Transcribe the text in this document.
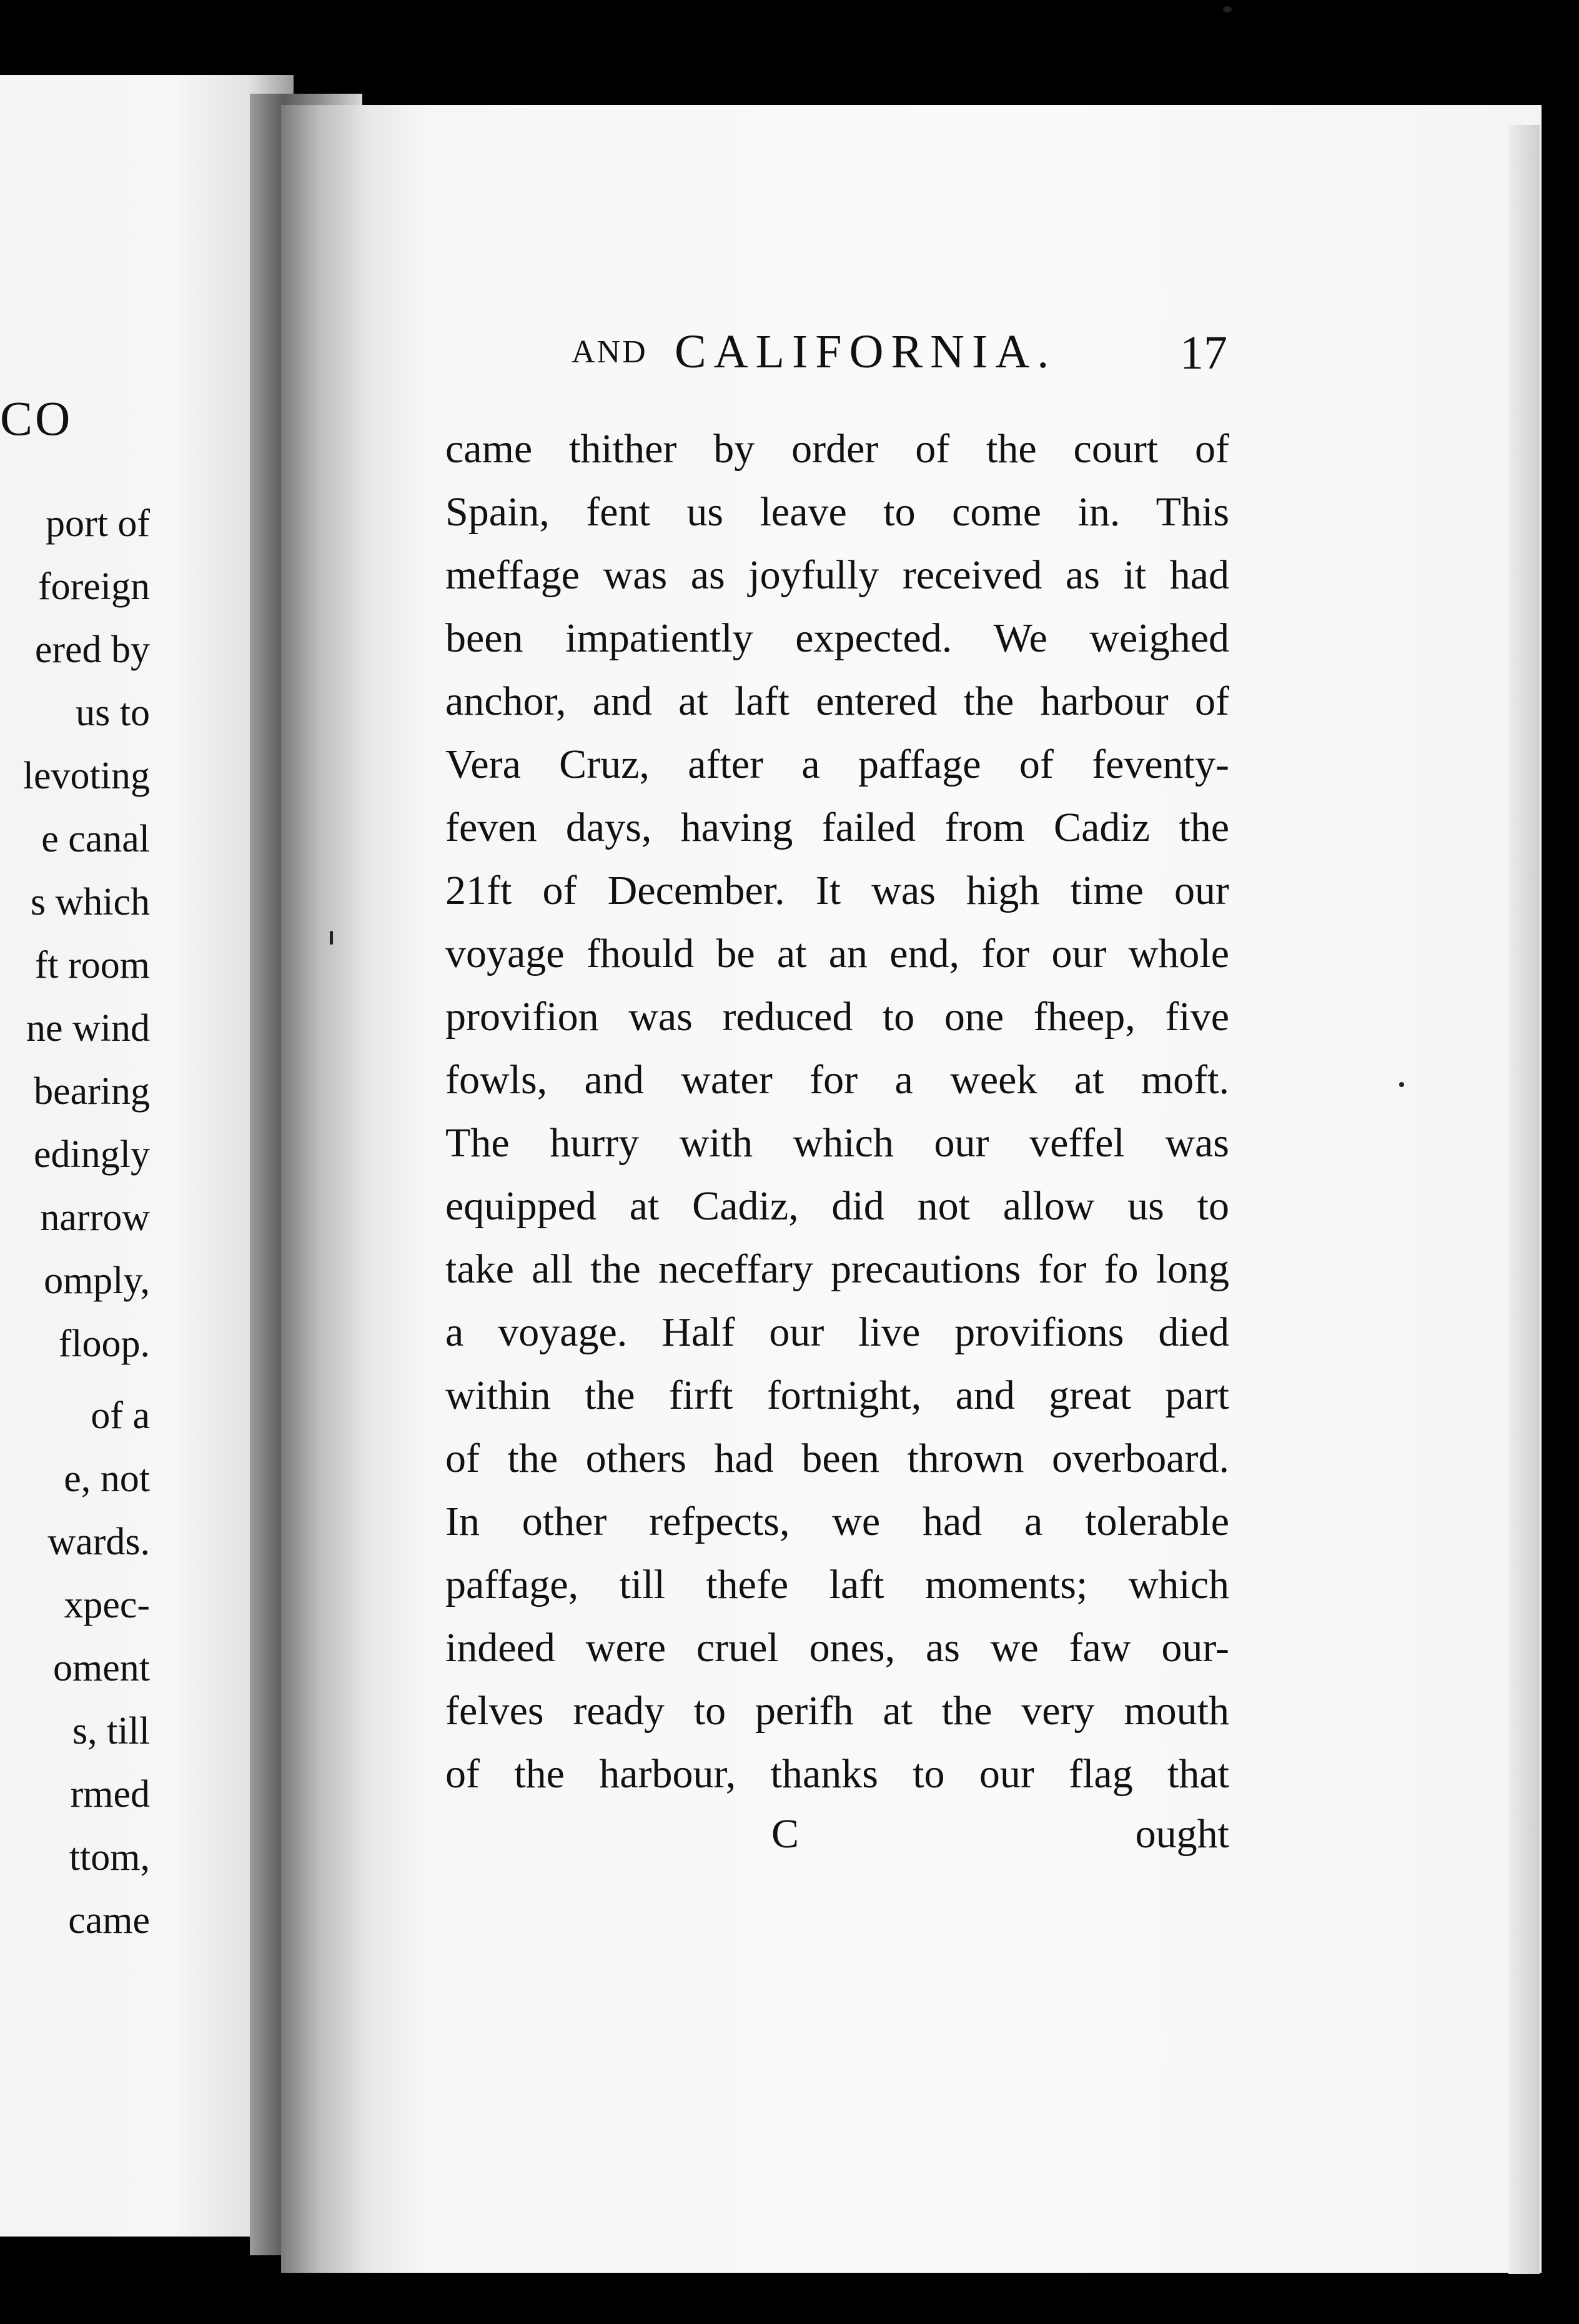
CO
port of
foreign
ered by
us to
levoting
e canal
s which
ft room
ne wind
bearing
edingly
narrow
omply,
floop.
of a
e, not
wards.
xpec-
oment
s, till
rmed
ttom,
came
AND CALIFORNIA.	17
came thither by order of the court of
Spain, fent us leave to come in. This
meffage was as joyfully received as it had
been impatiently expected. We weighed
anchor, and at laft entered the harbour of
Vera Cruz, after a paffage of feventy-
feven days, having failed from Cadiz the
21ft of December. It was high time our
voyage fhould be at an end, for our whole
provifion was reduced to one fheep, five
fowls, and water for a week at moft.
The hurry with which our veffel was
equipped at Cadiz, did not allow us to
take all the neceffary precautions for fo long
a voyage. Half our live provifions died
within the firft fortnight, and great part
of the others had been thrown overboard.
In other refpects, we had a tolerable
paffage, till thefe laft moments; which
indeed were cruel ones, as we faw our-
felves ready to perifh at the very mouth
of the harbour, thanks to our flag that
C	ought
